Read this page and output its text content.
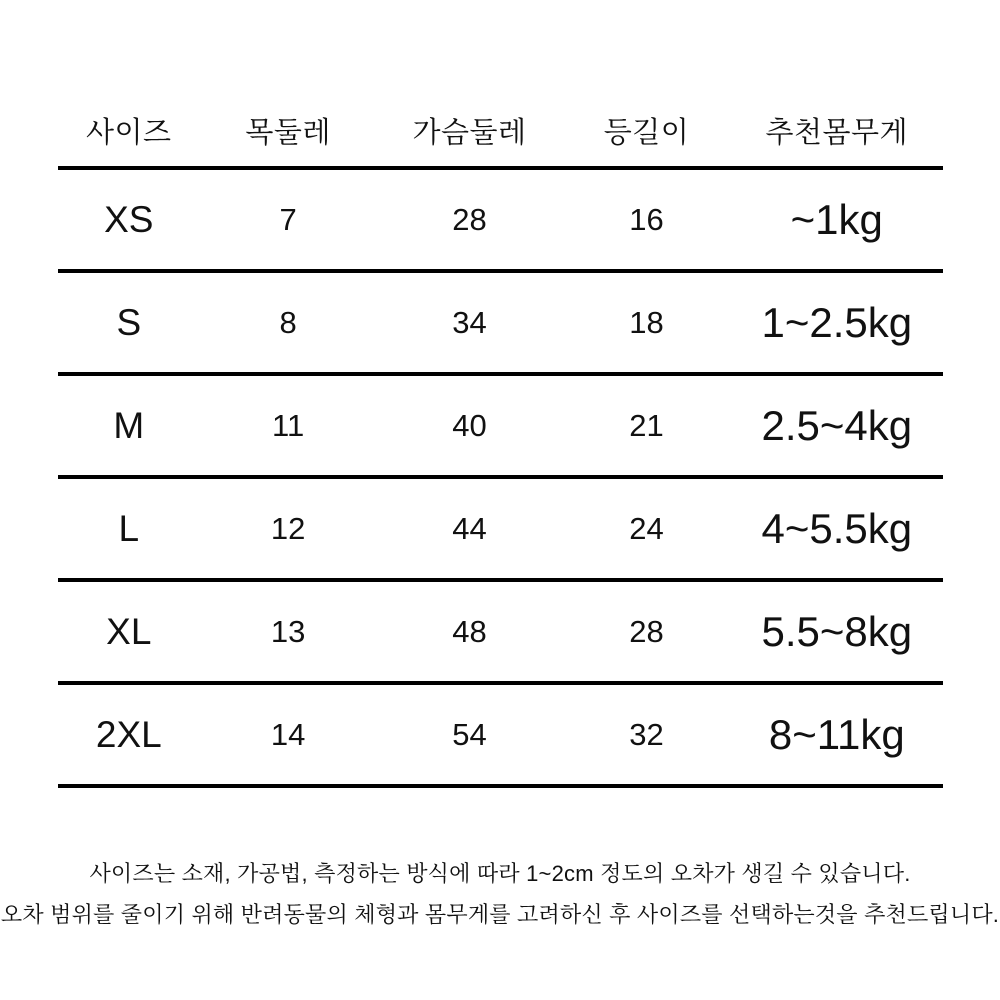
사이즈	목둘레	가슴둘레	등길이	추천몸무게
XS	7	28	16	~1kg
S	8	34	18	1~2.5kg
M	11	40	21	2.5~4kg
L	12	44	24	4~5.5kg
XL	13	48	28	5.5~8kg
2XL	14	54	32	8~11kg
사이즈는 소재, 가공법, 측정하는 방식에 따라 1~2cm 정도의 오차가 생길 수 있습니다.
오차 범위를 줄이기 위해 반려동물의 체형과 몸무게를 고려하신 후 사이즈를 선택하는것을 추천드립니다.
